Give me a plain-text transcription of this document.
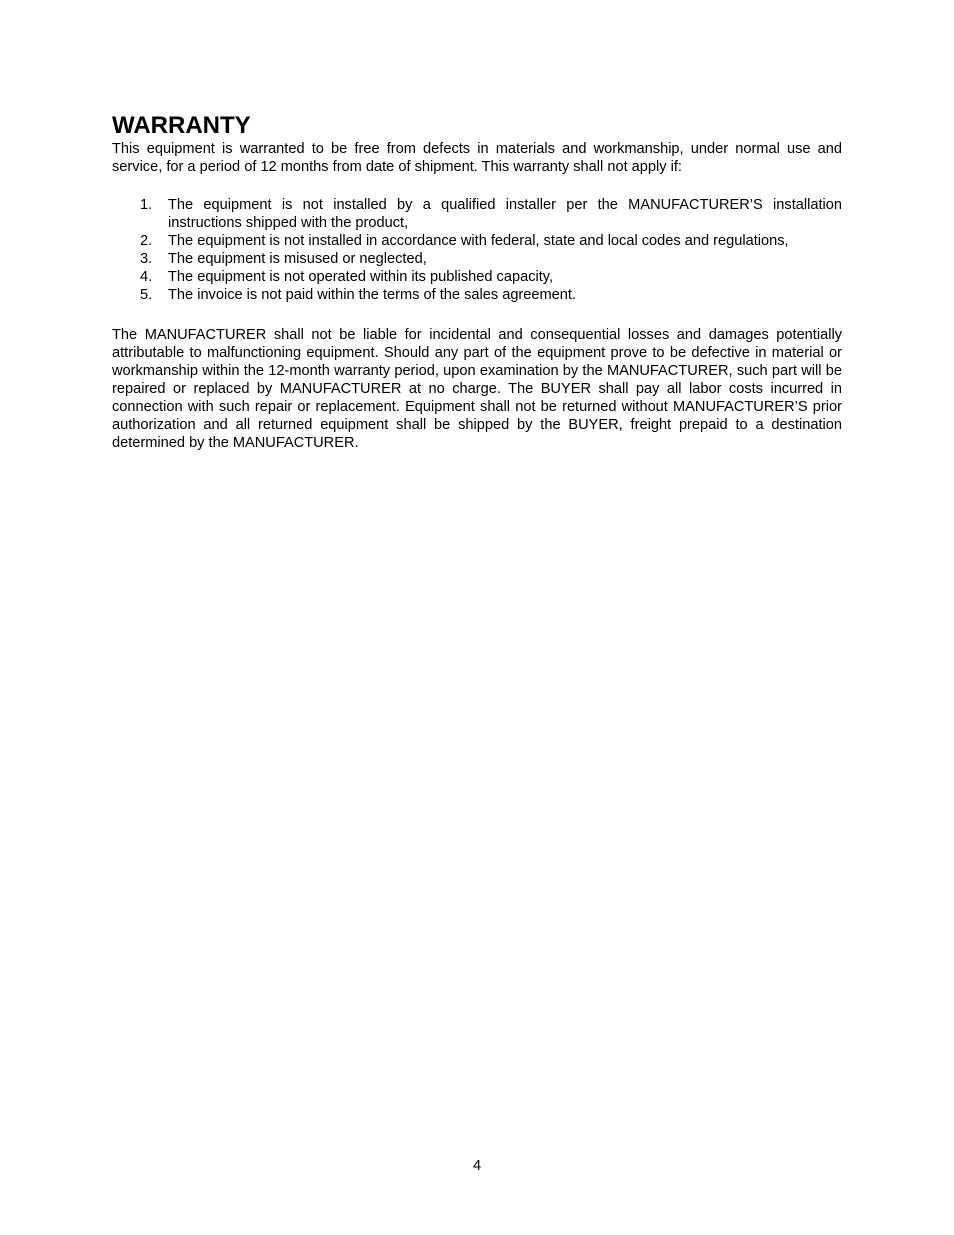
WARRANTY

This equipment is warranted to be free from defects in materials and workmanship, under normal use and service, for a period of 12 months from date of shipment. This warranty shall not apply if:

1. The equipment is not installed by a qualified installer per the MANUFACTURER’S installation instructions shipped with the product,
2. The equipment is not installed in accordance with federal, state and local codes and regulations,
3. The equipment is misused or neglected,
4. The equipment is not operated within its published capacity,
5. The invoice is not paid within the terms of the sales agreement.

The MANUFACTURER shall not be liable for incidental and consequential losses and damages potentially attributable to malfunctioning equipment. Should any part of the equipment prove to be defective in material or workmanship within the 12-month warranty period, upon examination by the MANUFACTURER, such part will be repaired or replaced by MANUFACTURER at no charge. The BUYER shall pay all labor costs incurred in connection with such repair or replacement. Equipment shall not be returned without MANUFACTURER’S prior authorization and all returned equipment shall be shipped by the BUYER, freight prepaid to a destination determined by the MANUFACTURER.

4
